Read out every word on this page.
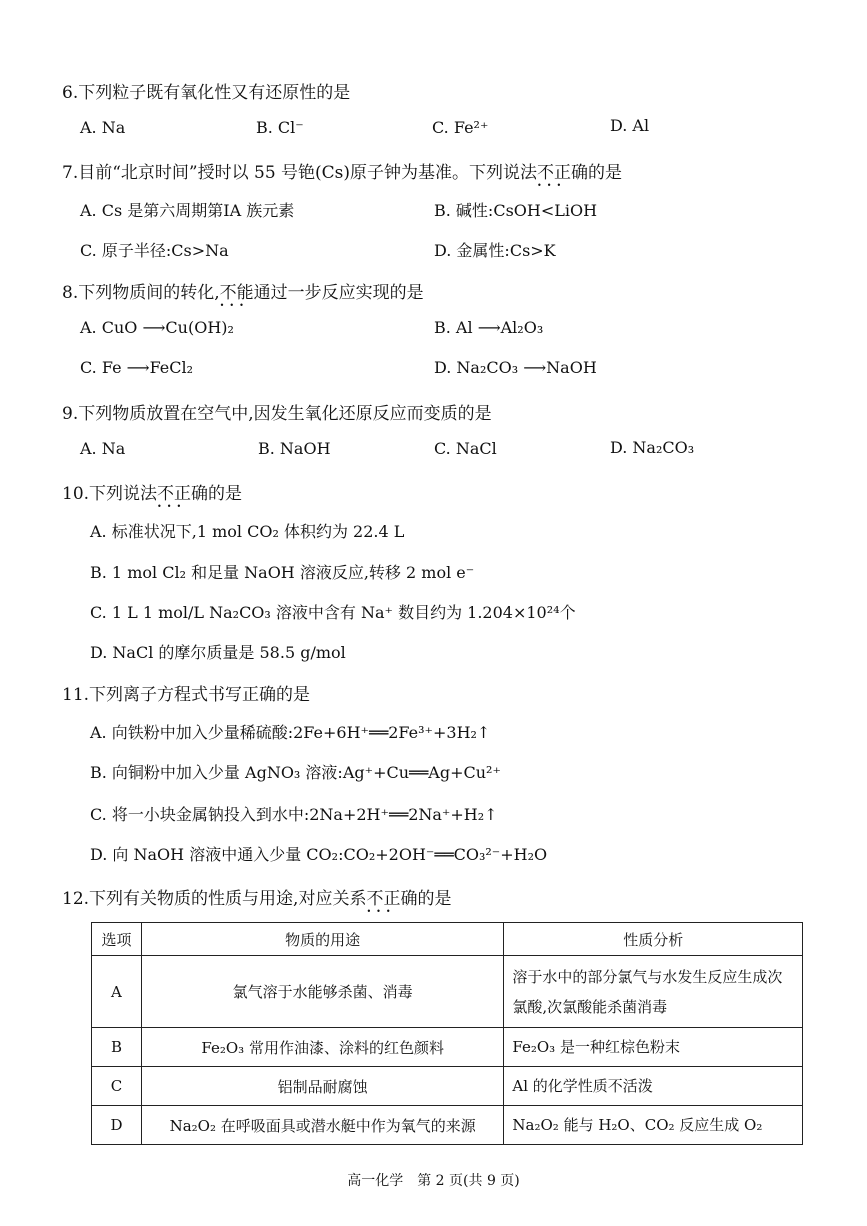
6.下列粒子既有氧化性又有还原性的是
A. Na	B. Cl⁻	C. Fe²⁺	D. Al
7.目前“北京时间”授时以 55 号铯(Cs)原子钟为基准。下列说法不正确 •••的是
A. Cs 是第六周期第ⅠA 族元素	B. 碱性:CsOH<LiOH
C. 原子半径:Cs>Na	D. 金属性:Cs>K
8.下列物质间的转化,不能 •••通过一步反应实现的是
A. CuO ⟶Cu(OH)₂	B. Al ⟶Al₂O₃
C. Fe ⟶FeCl₂	D. Na₂CO₃ ⟶NaOH
9.下列物质放置在空气中,因发生氧化还原反应而变质的是
A. Na	B. NaOH	C. NaCl	D. Na₂CO₃
10.下列说法不正确 •••的是
A. 标准状况下,1 mol CO₂ 体积约为 22.4 L
B. 1 mol Cl₂ 和足量 NaOH 溶液反应,转移 2 mol e⁻
C. 1 L 1 mol/L Na₂CO₃ 溶液中含有 Na⁺ 数目约为 1.204×10²⁴个
D. NaCl 的摩尔质量是 58.5 g/mol
11.下列离子方程式书写正确的是
A. 向铁粉中加入少量稀硫酸:2Fe+6H⁺══2Fe³⁺+3H₂↑
B. 向铜粉中加入少量 AgNO₃ 溶液:Ag⁺+Cu══Ag+Cu²⁺
C. 将一小块金属钠投入到水中:2Na+2H⁺══2Na⁺+H₂↑
D. 向 NaOH 溶液中通入少量 CO₂:CO₂+2OH⁻══CO₃²⁻+H₂O
12.下列有关物质的性质与用途,对应关系不正确 •••的是
选项	物质的用途	性质分析
A	氯气溶于水能够杀菌、消毒	溶于水中的部分氯气与水发生反应生成次氯酸,次氯酸能杀菌消毒
B	Fe₂O₃ 常用作油漆、涂料的红色颜料	Fe₂O₃ 是一种红棕色粉末
C	铝制品耐腐蚀	Al 的化学性质不活泼
D	Na₂O₂ 在呼吸面具或潜水艇中作为氧气的来源	Na₂O₂ 能与 H₂O、CO₂ 反应生成 O₂
高一化学　第 2 页(共 9 页)
